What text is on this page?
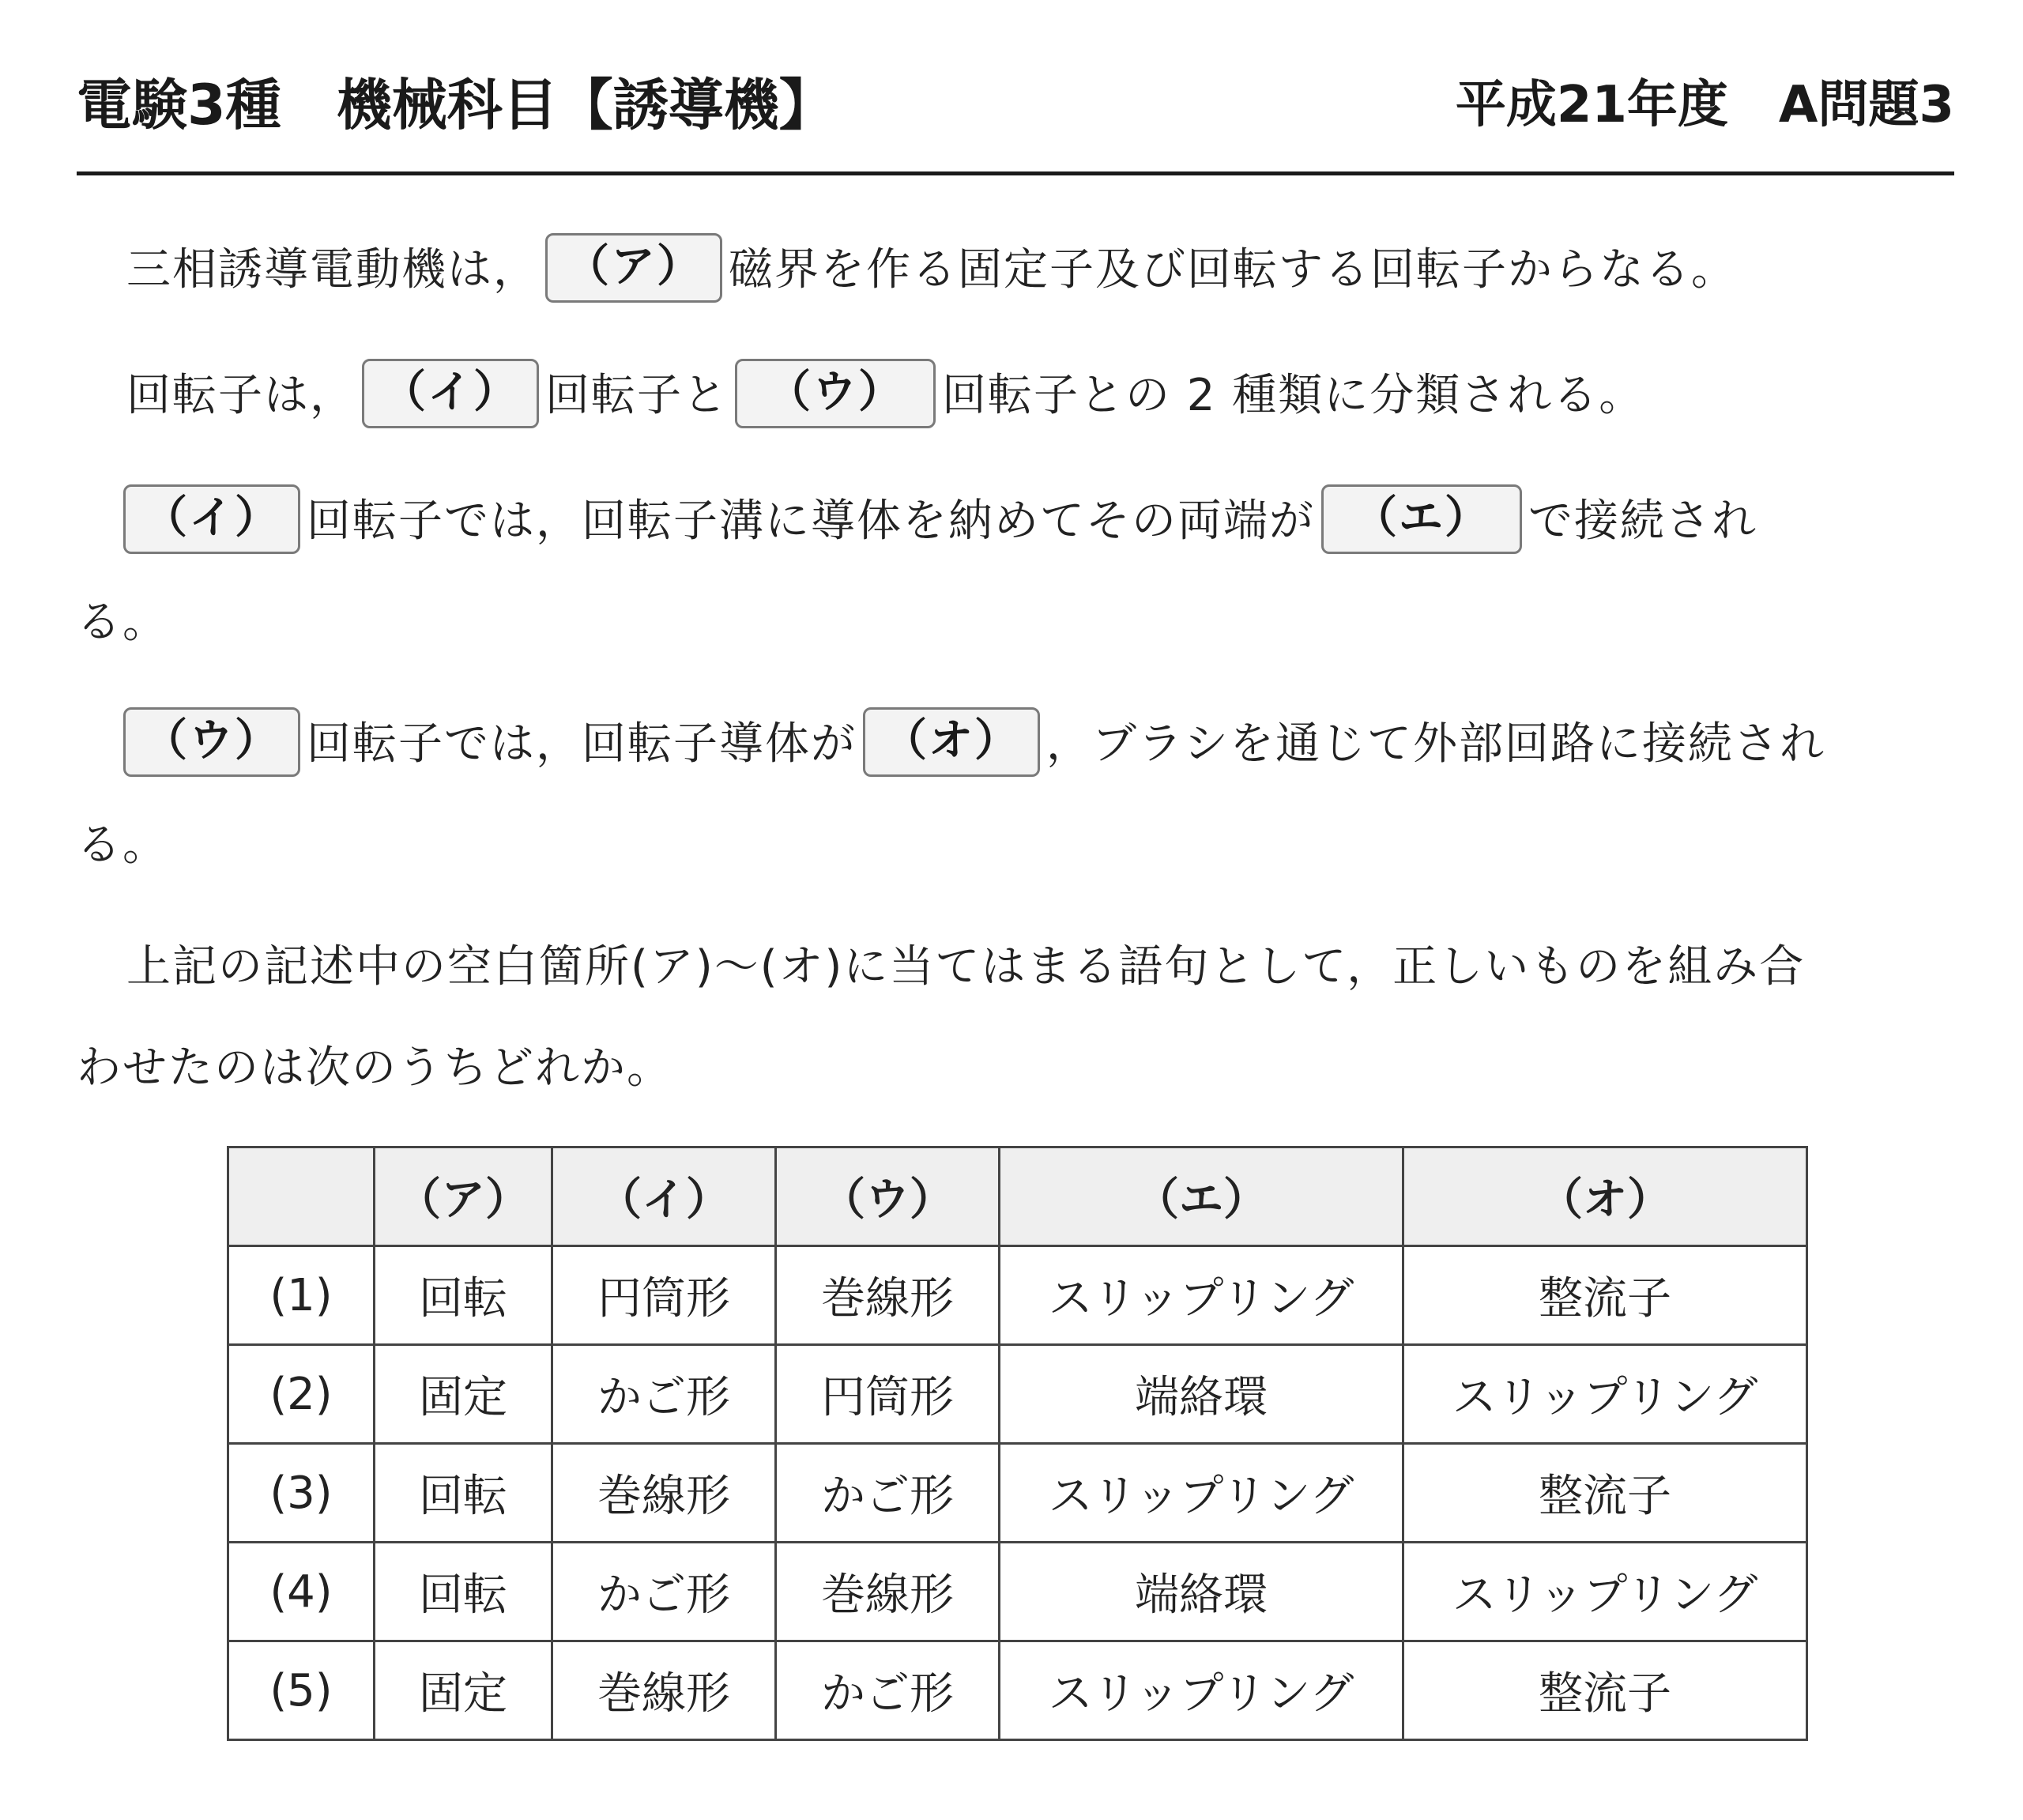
電験3種　機械科目【誘導機】	平成21年度　A問題3
三相誘導電動機は， （ア） 磁界を作る固定子及び回転する回転子からなる。
回転子は， （イ） 回転子と （ウ） 回転子との 2 種類に分類される。
（イ） 回転子では，回転子溝に導体を納めてその両端が （エ） で接続され
る。
（ウ） 回転子では，回転子導体が （オ） ，ブラシを通じて外部回路に接続され
る。
上記の記述中の空白箇所(ア)〜(オ)に当てはまる語句として，正しいものを組み合
わせたのは次のうちどれか。
	（ア）	（イ）	（ウ）	（エ）	（オ）
(1)	回転	円筒形	巻線形	スリップリング	整流子
(2)	固定	かご形	円筒形	端絡環	スリップリング
(3)	回転	巻線形	かご形	スリップリング	整流子
(4)	回転	かご形	巻線形	端絡環	スリップリング
(5)	固定	巻線形	かご形	スリップリング	整流子
